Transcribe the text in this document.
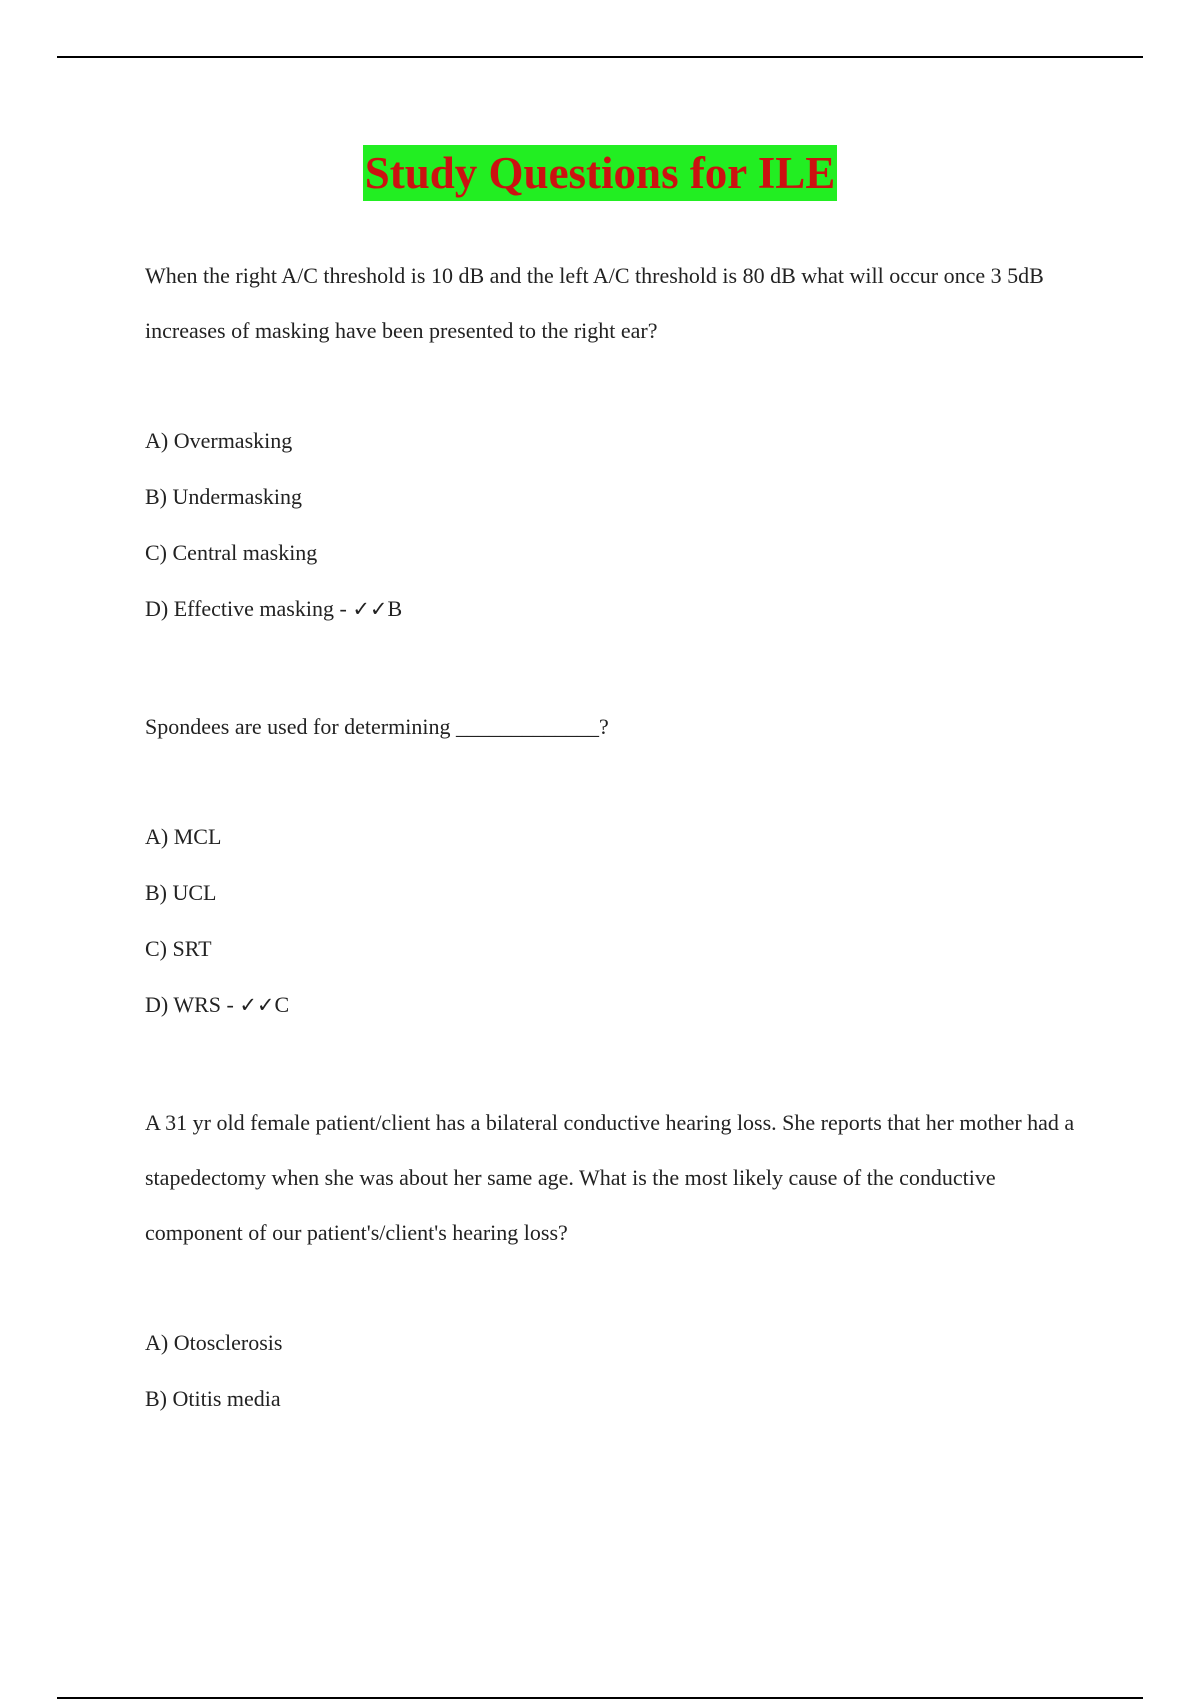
Study Questions for ILE

When the right A/C threshold is 10 dB and the left A/C threshold is 80 dB what will occur once 3 5dB increases of masking have been presented to the right ear?

A) Overmasking
B) Undermasking
C) Central masking
D) Effective masking - ✓✓B

Spondees are used for determining _____________?

A) MCL
B) UCL
C) SRT
D) WRS - ✓✓C

A 31 yr old female patient/client has a bilateral conductive hearing loss. She reports that her mother had a stapedectomy when she was about her same age. What is the most likely cause of the conductive component of our patient's/client's hearing loss?

A) Otosclerosis
B) Otitis media
